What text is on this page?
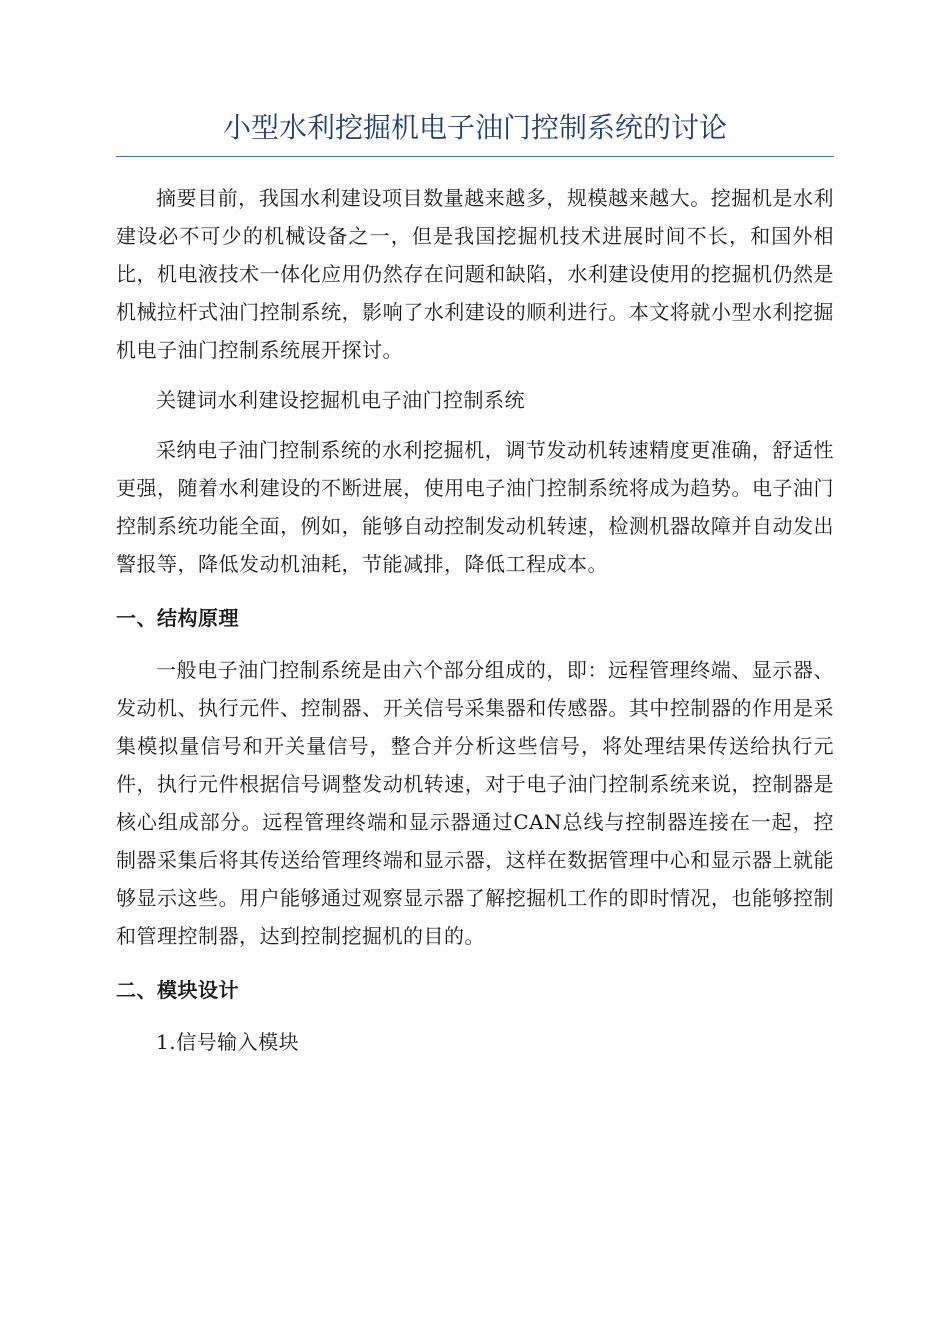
小型水利挖掘机电子油门控制系统的讨论

摘要目前，我国水利建设项目数量越来越多，规模越来越大。挖掘机是水利建设必不可少的机械设备之一，但是我国挖掘机技术进展时间不长，和国外相比，机电液技术一体化应用仍然存在问题和缺陷，水利建设使用的挖掘机仍然是机械拉杆式油门控制系统，影响了水利建设的顺利进行。本文将就小型水利挖掘机电子油门控制系统展开探讨。

关键词水利建设挖掘机电子油门控制系统

采纳电子油门控制系统的水利挖掘机，调节发动机转速精度更准确，舒适性更强，随着水利建设的不断进展，使用电子油门控制系统将成为趋势。电子油门控制系统功能全面，例如，能够自动控制发动机转速，检测机器故障并自动发出警报等，降低发动机油耗，节能减排，降低工程成本。

一、结构原理

一般电子油门控制系统是由六个部分组成的，即：远程管理终端、显示器、发动机、执行元件、控制器、开关信号采集器和传感器。其中控制器的作用是采集模拟量信号和开关量信号，整合并分析这些信号，将处理结果传送给执行元件，执行元件根据信号调整发动机转速，对于电子油门控制系统来说，控制器是核心组成部分。远程管理终端和显示器通过CAN总线与控制器连接在一起，控制器采集后将其传送给管理终端和显示器，这样在数据管理中心和显示器上就能够显示这些。用户能够通过观察显示器了解挖掘机工作的即时情况，也能够控制和管理控制器，达到控制挖掘机的目的。

二、模块设计

1.信号输入模块
